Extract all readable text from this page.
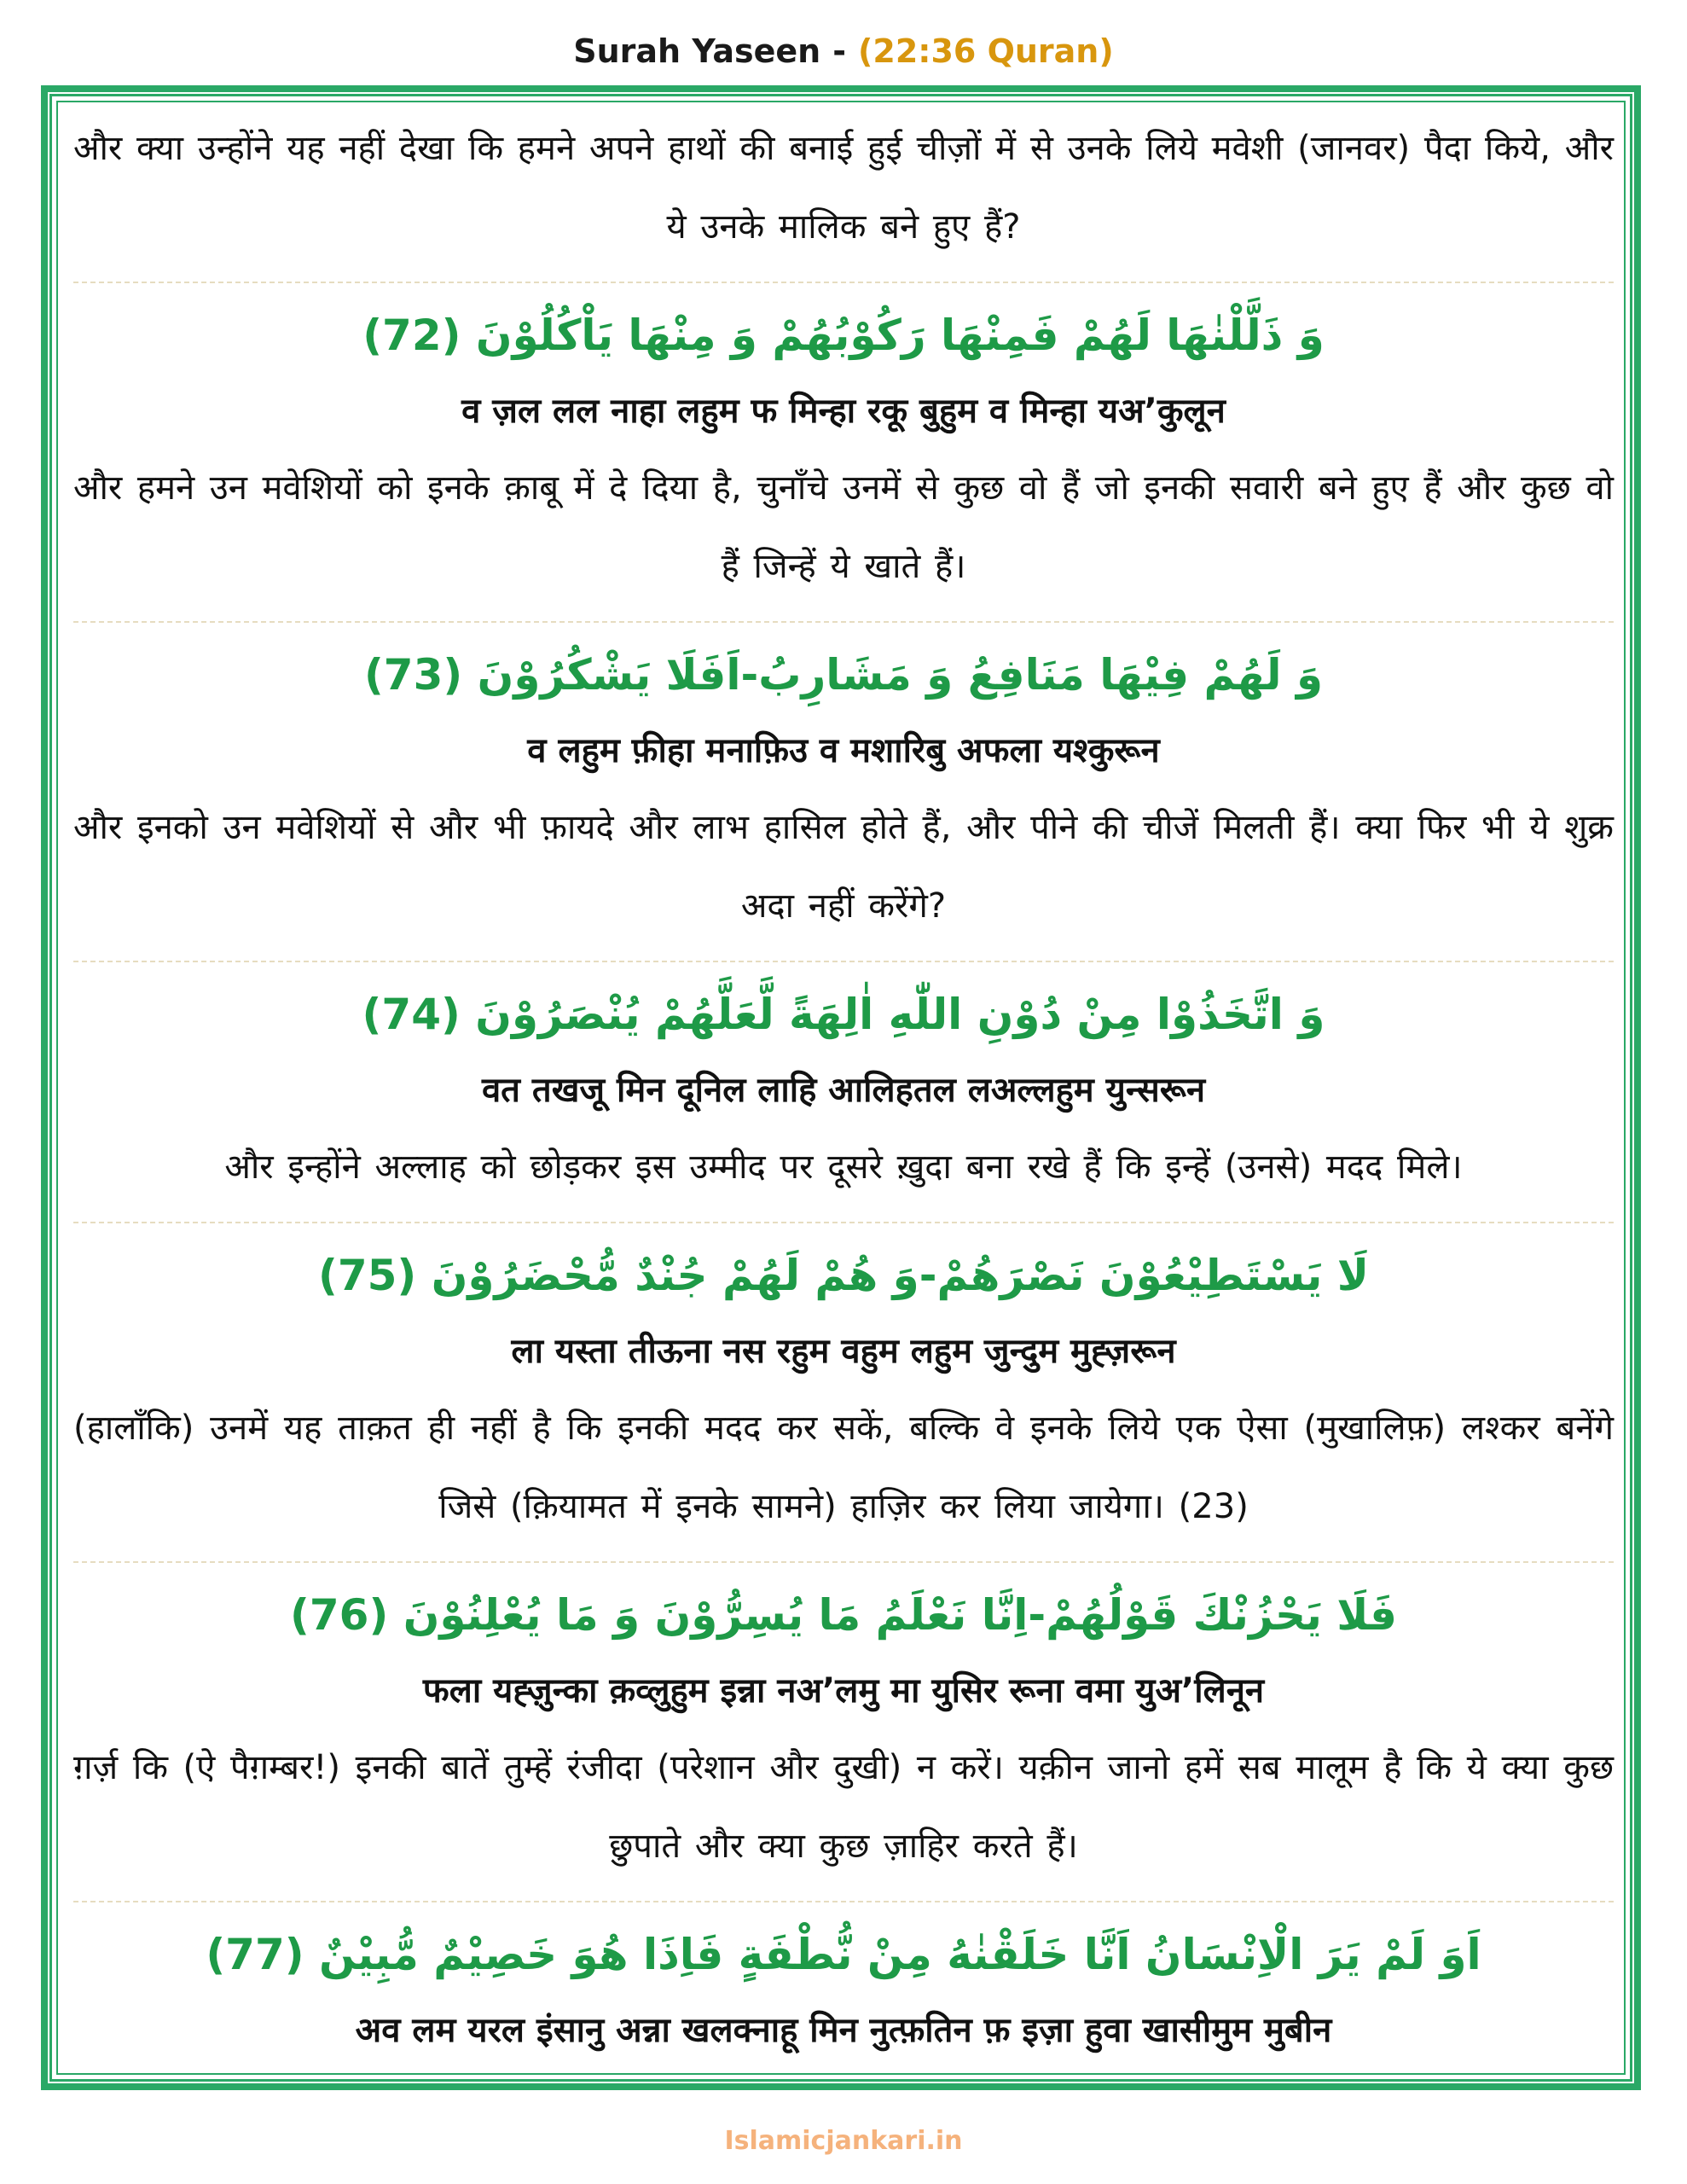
Surah Yaseen - (22:36 Quran)
और क्या उन्होंने यह नहीं देखा कि हमने अपने हाथों की बनाई हुई चीज़ों में से उनके लिये मवेशी (जानवर) पैदा किये, और ये उनके मालिक बने हुए हैं?
وَ ذَلَّلْنٰهَا لَهُمْ فَمِنْهَا رَكُوْبُهُمْ وَ مِنْهَا يَاْكُلُوْنَ (72)
व ज़ल लल नाहा लहुम फ मिन्हा रकू बुहुम व मिन्हा यअ’कुलून
और हमने उन मवेशियों को इनके क़ाबू में दे दिया है, चुनाँचे उनमें से कुछ वो हैं जो इनकी सवारी बने हुए हैं और कुछ वो हैं जिन्हें ये खाते हैं।
وَ لَهُمْ فِيْهَا مَنَافِعُ وَ مَشَارِبُ-اَفَلَا يَشْكُرُوْنَ (73)
व लहुम फ़ीहा मनाफ़िउ व मशारिबु अफला यश्कुरून
और इनको उन मवेशियों से और भी फ़ायदे और लाभ हासिल होते हैं, और पीने की चीजें मिलती हैं। क्या फिर भी ये शुक्र अदा नहीं करेंगे?
وَ اتَّخَذُوْا مِنْ دُوْنِ اللّٰهِ اٰلِهَةً لَّعَلَّهُمْ يُنْصَرُوْنَ (74)
वत तखजू मिन दूनिल लाहि आलिहतल लअल्लहुम युन्सरून
और इन्होंने अल्लाह को छोड़कर इस उम्मीद पर दूसरे ख़ुदा बना रखे हैं कि इन्हें (उनसे) मदद मिले।
لَا يَسْتَطِيْعُوْنَ نَصْرَهُمْ-وَ هُمْ لَهُمْ جُنْدٌ مُّحْضَرُوْنَ (75)
ला यस्ता तीऊना नस रहुम वहुम लहुम जुन्दुम मुह्ज़रून
(हालाँकि) उनमें यह ताक़त ही नहीं है कि इनकी मदद कर सकें, बल्कि वे इनके लिये एक ऐसा (मुखालिफ़) लश्कर बनेंगे जिसे (क़ियामत में इनके सामने) हाज़िर कर लिया जायेगा। (23)
فَلَا يَحْزُنْكَ قَوْلُهُمْ-اِنَّا نَعْلَمُ مَا يُسِرُّوْنَ وَ مَا يُعْلِنُوْنَ (76)
फला यह्ज़ुन्का क़व्लुहुम इन्ना नअ’लमु मा युसिर रूना वमा युअ’लिनून
ग़र्ज़ कि (ऐ पैग़म्बर!) इनकी बातें तुम्हें रंजीदा (परेशान और दुखी) न करें। यक़ीन जानो हमें सब मालूम है कि ये क्या कुछ छुपाते और क्या कुछ ज़ाहिर करते हैं।
اَوَ لَمْ يَرَ الْاِنْسَانُ اَنَّا خَلَقْنٰهُ مِنْ نُّطْفَةٍ فَاِذَا هُوَ خَصِيْمٌ مُّبِيْنٌ (77)
अव लम यरल इंसानु अन्ना खलक्नाहू मिन नुत्फ़तिन फ़ इज़ा हुवा खासीमुम मुबीन
Islamicjankari.in
